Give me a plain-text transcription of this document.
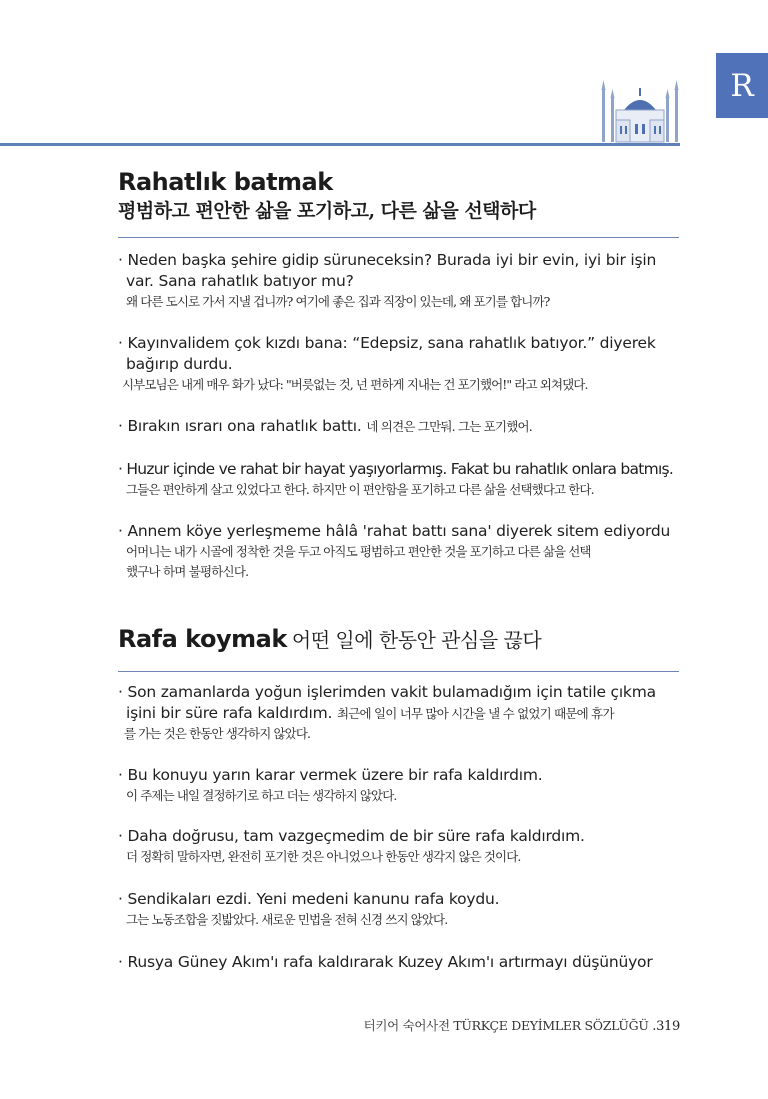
R
Rahatlık batmak
평범하고 편안한 삶을 포기하고, 다른 삶을 선택하다
· Neden başka şehire gidip süruneceksin? Burada iyi bir evin, iyi bir işin
var. Sana rahatlık batıyor mu?
왜 다른 도시로 가서 지낼 겁니까? 여기에 좋은 집과 직장이 있는데, 왜 포기를 합니까?
· Kayınvalidem çok kızdı bana: “Edepsiz, sana rahatlık batıyor.” diyerek
bağırıp durdu.
시부모님은 내게 매우 화가 났다: "버릇없는 것, 넌 편하게 지내는 건 포기했어!" 라고 외쳐댔다.
· Bırakın ısrarı ona rahatlık battı. 네 의견은 그만둬. 그는 포기했어.
· Huzur içinde ve rahat bir hayat yaşıyorlarmış. Fakat bu rahatlık onlara batmış.
그들은 편안하게 살고 있었다고 한다. 하지만 이 편안함을 포기하고 다른 삶을 선택했다고 한다.
· Annem köye yerleşmeme hâlâ 'rahat battı sana' diyerek sitem ediyordu
어머니는 내가 시골에 정착한 것을 두고 아직도 평범하고 편안한 것을 포기하고 다른 삶을 선택
했구나 하며 불평하신다.
Rafa koymak 어떤 일에 한동안 관심을 끊다
· Son zamanlarda yoğun işlerimden vakit bulamadığım için tatile çıkma
işini bir süre rafa kaldırdım. 최근에 일이 너무 많아 시간을 낼 수 없었기 때문에 휴가
를 가는 것은 한동안 생각하지 않았다.
· Bu konuyu yarın karar vermek üzere bir rafa kaldırdım.
이 주제는 내일 결정하기로 하고 더는 생각하지 않았다.
· Daha doğrusu, tam vazgeçmedim de bir süre rafa kaldırdım.
더 정확히 말하자면, 완전히 포기한 것은 아니었으나 한동안 생각지 않은 것이다.
· Sendikaları ezdi. Yeni medeni kanunu rafa koydu.
그는 노동조합을 짓밟았다. 새로운 민법을 전혀 신경 쓰지 않았다.
· Rusya Güney Akım'ı rafa kaldırarak Kuzey Akım'ı artırmayı düşünüyor
터키어 숙어사전 TÜRKÇE DEYİMLER SÖZLÜĞÜ .319
